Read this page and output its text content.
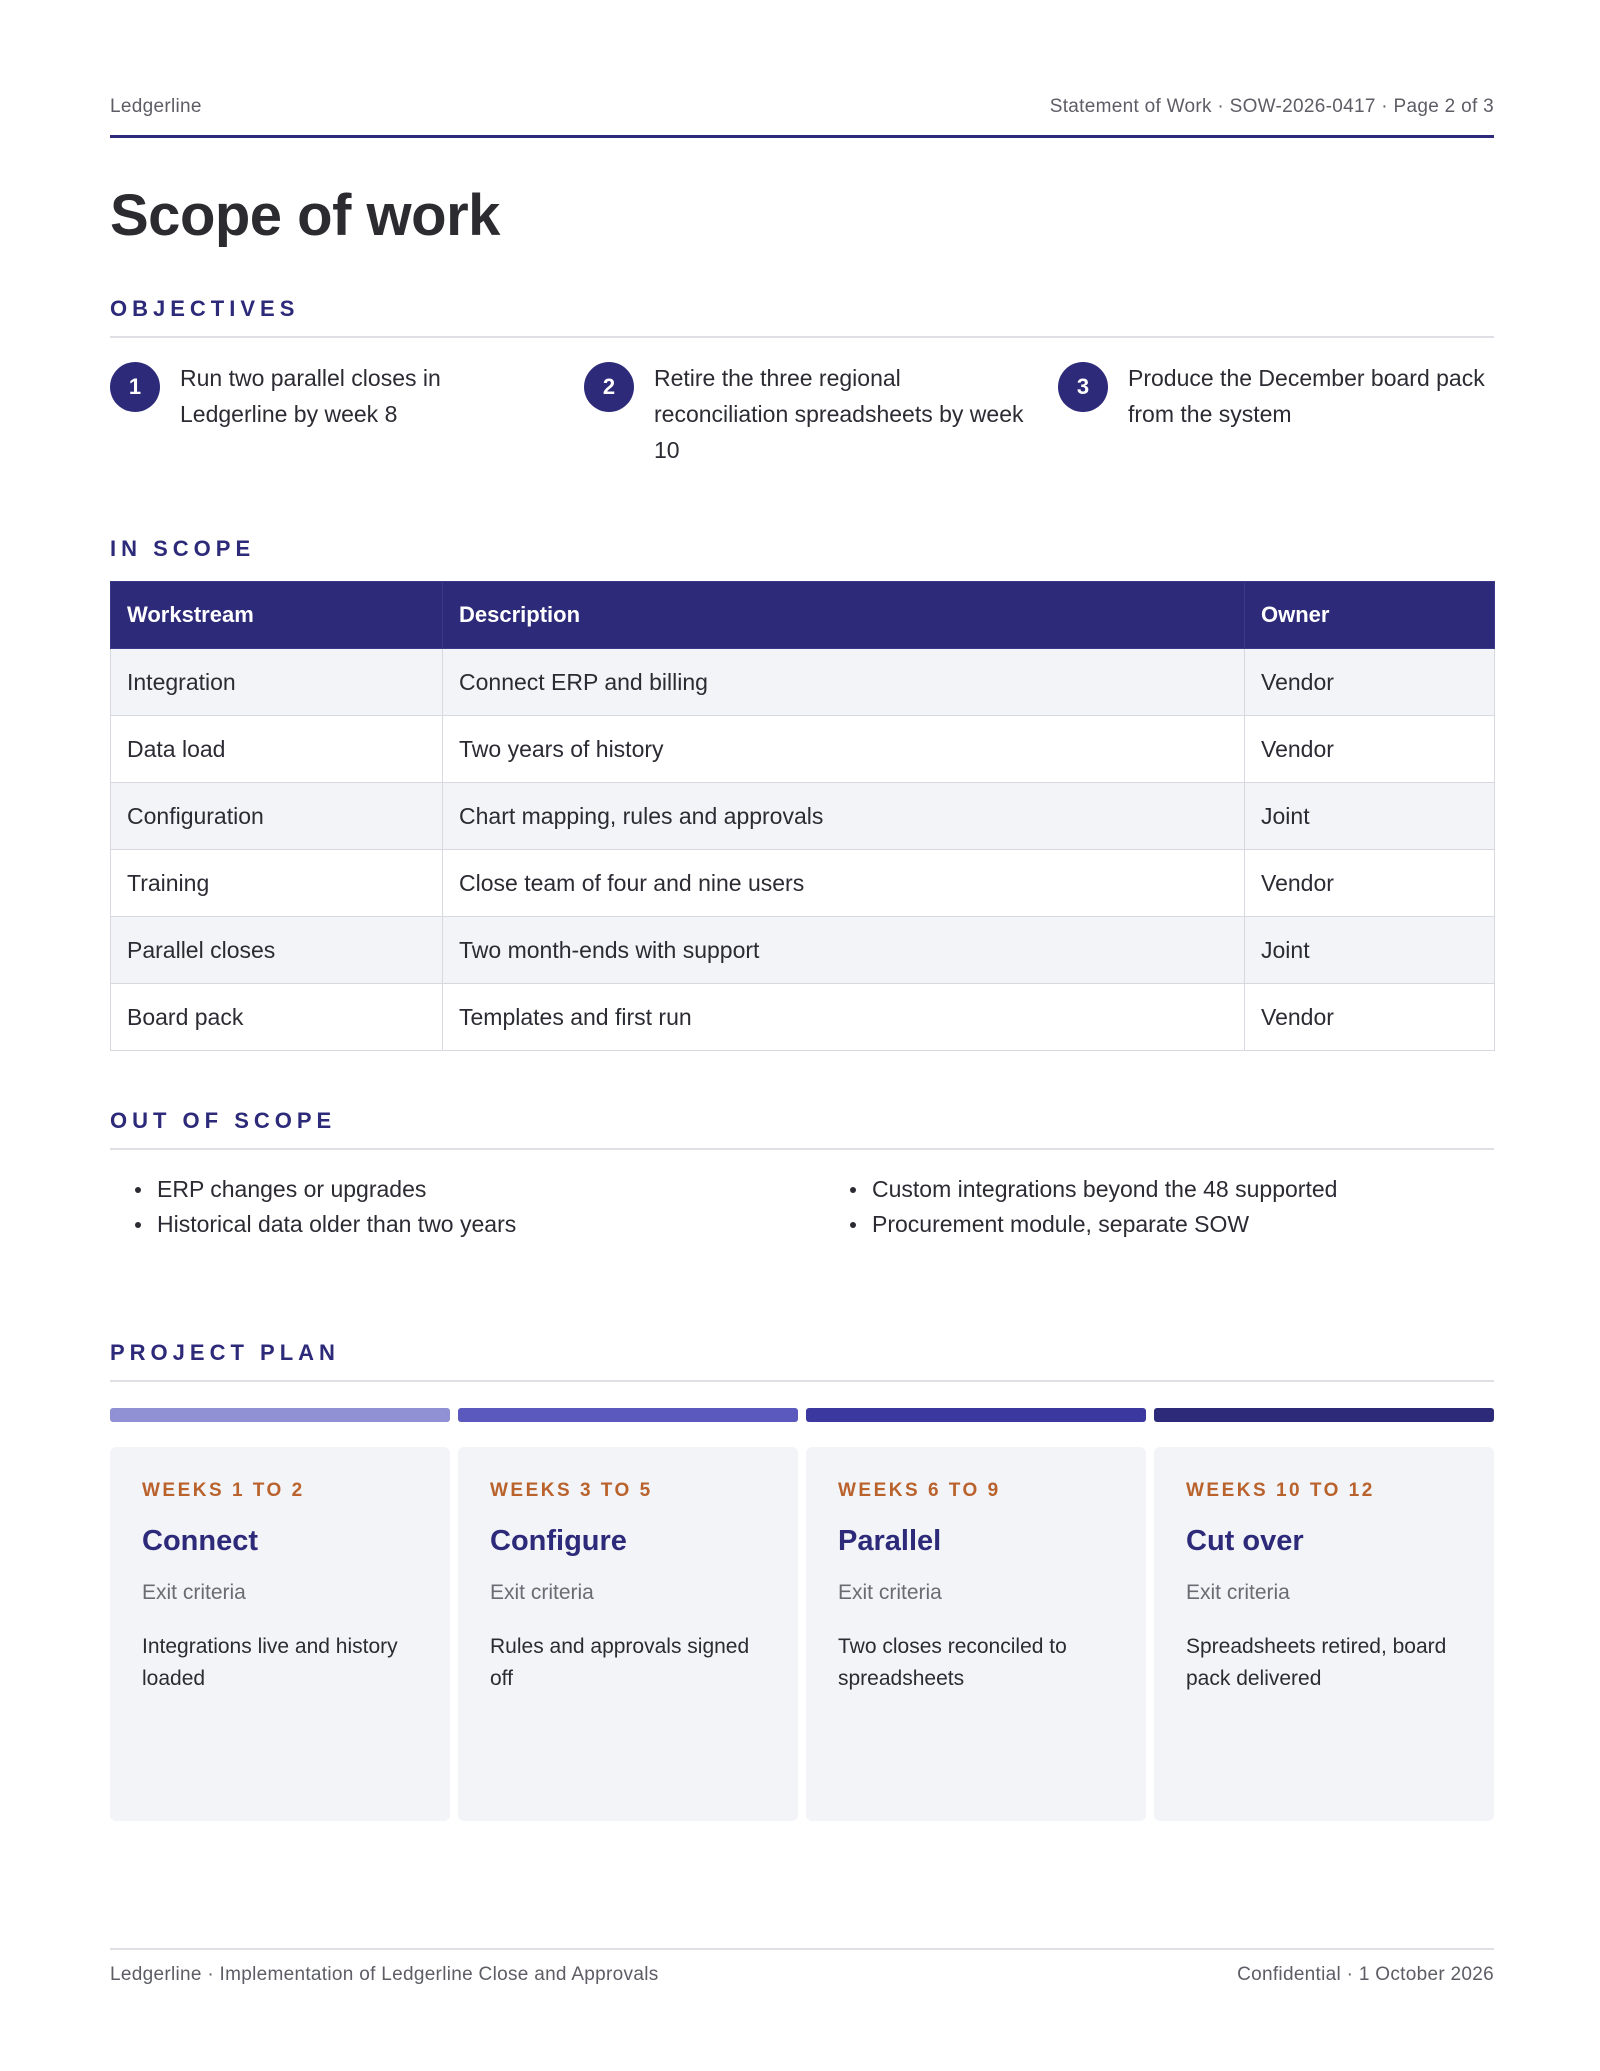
Ledgerline	Statement of Work · SOW-2026-0417 · Page 2 of 3
Scope of work
OBJECTIVES
1	Run two parallel closes in Ledgerline by week 8
2	Retire the three regional reconciliation spreadsheets by week 10
3	Produce the December board pack from the system
IN SCOPE
Workstream	Description	Owner
Integration	Connect ERP and billing	Vendor
Data load	Two years of history	Vendor
Configuration	Chart mapping, rules and approvals	Joint
Training	Close team of four and nine users	Vendor
Parallel closes	Two month-ends with support	Joint
Board pack	Templates and first run	Vendor
OUT OF SCOPE
ERP changes or upgrades
Historical data older than two years
Custom integrations beyond the 48 supported
Procurement module, separate SOW
PROJECT PLAN
WEEKS 1 TO 2
Connect
Exit criteria
Integrations live and history loaded
WEEKS 3 TO 5
Configure
Exit criteria
Rules and approvals signed off
WEEKS 6 TO 9
Parallel
Exit criteria
Two closes reconciled to spreadsheets
WEEKS 10 TO 12
Cut over
Exit criteria
Spreadsheets retired, board pack delivered
Ledgerline · Implementation of Ledgerline Close and Approvals	Confidential · 1 October 2026
